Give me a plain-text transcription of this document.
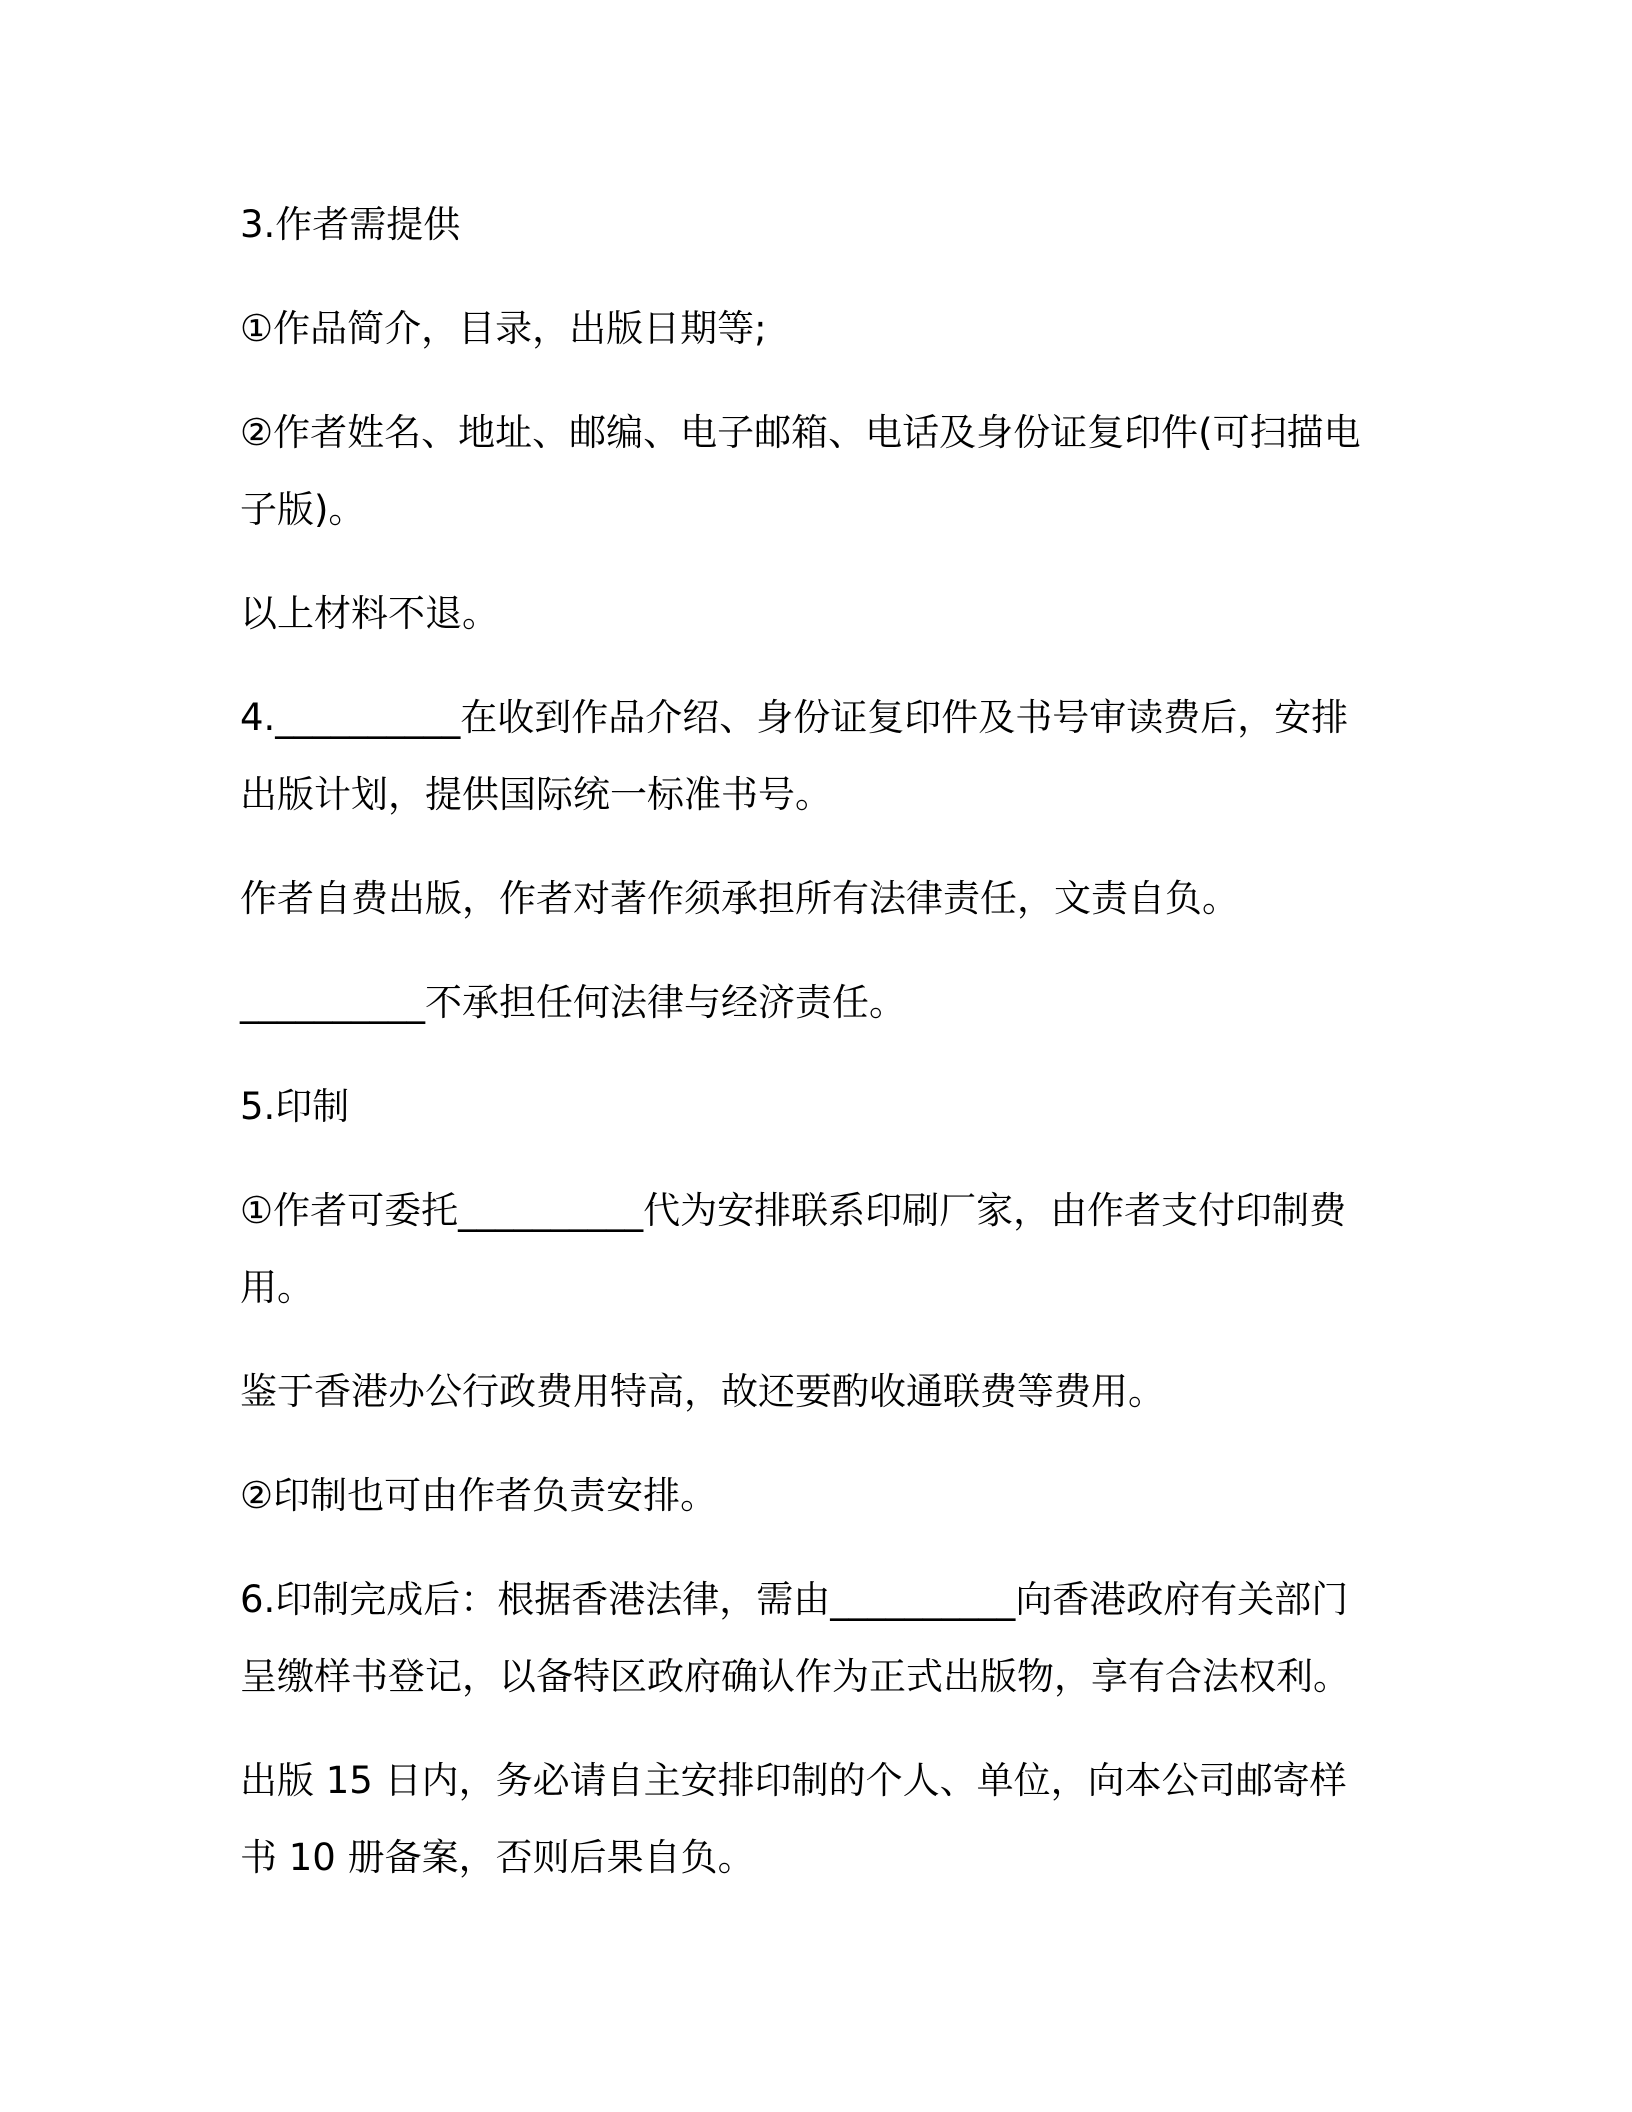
3.作者需提供

①作品简介，目录，出版日期等;

②作者姓名、地址、邮编、电子邮箱、电话及身份证复印件(可扫描电子版)。

以上材料不退。

4.__________在收到作品介绍、身份证复印件及书号审读费后，安排出版计划，提供国际统一标准书号。

作者自费出版，作者对著作须承担所有法律责任，文责自负。

__________不承担任何法律与经济责任。

5.印制

①作者可委托__________代为安排联系印刷厂家，由作者支付印制费用。

鉴于香港办公行政费用特高，故还要酌收通联费等费用。

②印制也可由作者负责安排。

6.印制完成后：根据香港法律，需由__________向香港政府有关部门呈缴样书登记，以备特区政府确认作为正式出版物，享有合法权利。

出版 15 日内，务必请自主安排印制的个人、单位，向本公司邮寄样书 10 册备案，否则后果自负。
